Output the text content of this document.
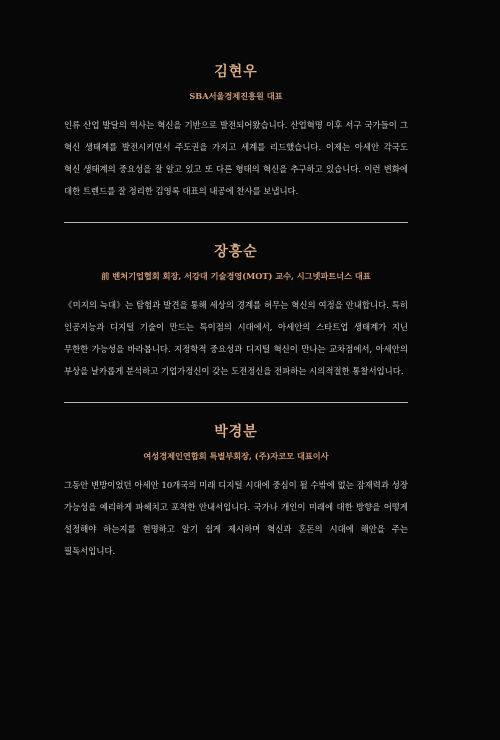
김현우

SBA서울경제진흥원 대표

인류 산업 발달의 역사는 혁신을 기반으로 발전되어왔습니다. 산업혁명 이후 서구 국가들이 그 혁신 생태계를 발전시키면서 주도권을 가지고 세계를 리드했습니다. 이제는 아세안 각국도 혁신 생태계의 중요성을 잘 알고 있고 또 다른 형태의 혁신을 추구하고 있습니다. 이런 변화에 대한 트렌드를 잘 정리한 김영록 대표의 내공에 찬사를 보냅니다.

장흥순

前 벤처기업협회 회장, 서강대 기술경영(MOT) 교수, 시그넷파트너스 대표

《미지의 늑대》는 탐험과 발견을 통해 세상의 경계를 허무는 혁신의 여정을 안내합니다. 특히 인공지능과 디지털 기술이 만드는 특이점의 시대에서, 아세안의 스타트업 생태계가 지닌 무한한 가능성을 바라봅니다. 지정학적 중요성과 디지털 혁신이 만나는 교차점에서, 아세안의 부상을 날카롭게 분석하고 기업가정신이 갖는 도전정신을 전파하는 시의적절한 통찰서입니다.

박경분

여성경제인연합회 특별부회장, (주)자코모 대표이사

그동안 변방이었던 아세안 10개국의 미래 디지털 시대에 중심이 될 수밖에 없는 잠재력과 성장 가능성을 예리하게 파헤치고 포착한 안내서입니다. 국가나 개인이 미래에 대한 방향을 어떻게 설정해야 하는지를 현명하고 알기 쉽게 제시하며 혁신과 혼돈의 시대에 해안을 주는 필독서입니다.
